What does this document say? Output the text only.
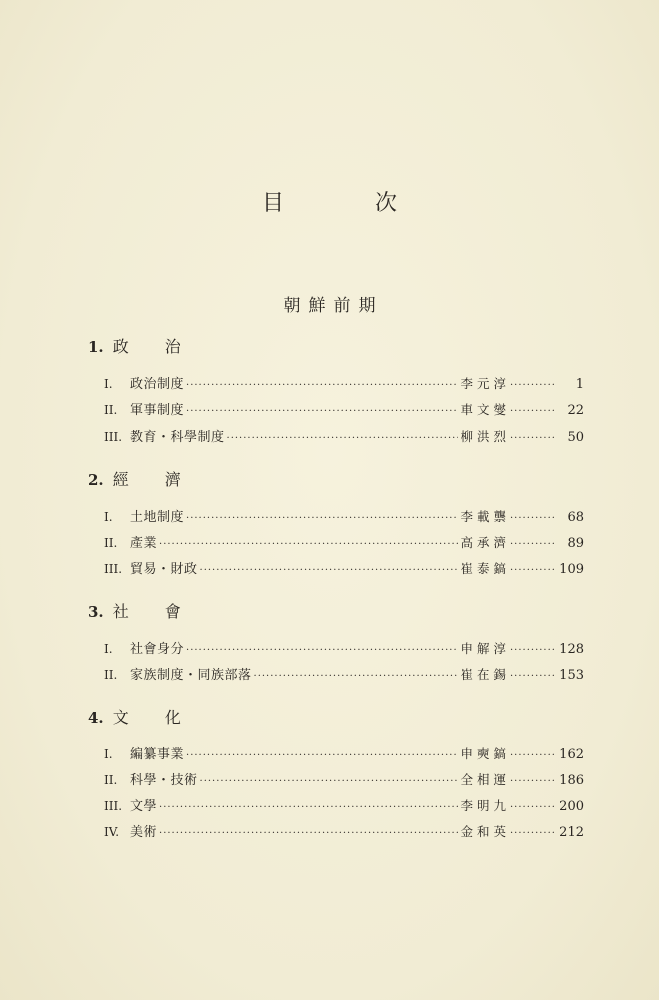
目 次
朝鮮前期
1. 政治
I.	政治制度 ·····	李元淳 ·····	1
II. 軍事制度 ·····	車文燮 ·····	22
III. 教育・科學制度 ·····	柳洪烈 ·····	50
2. 經濟
I.	土地制度 ·····	李載龒 ·····	68
II. 產業 ·····	高承濟 ·····	89
III. 貿易・財政 ·····	崔泰鎬 ·····	109
3. 社會
I.	社會身分 ·····	申解淳 ·····	128
II. 家族制度・同族部落 ·····	崔在錫 ·····	153
4. 文化
I.	編纂事業 ·····	申奭鎬 ·····	162
II. 科學・技術 ·····	全相運 ·····	186
III. 文學 ·····	李明九 ·····	200
IV. 美術 ·····	金和英 ·····	212
